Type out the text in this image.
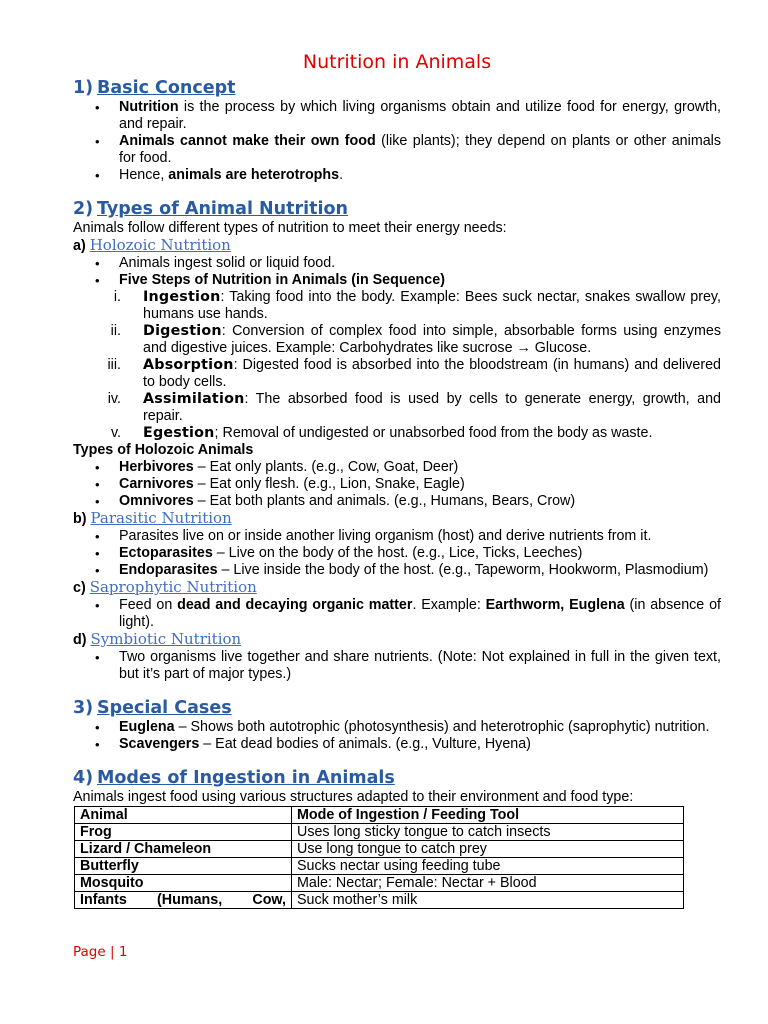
Nutrition in Animals
1) Basic Concept
• Nutrition is the process by which living organisms obtain and utilize food for energy, growth, and repair.
• Animals cannot make their own food (like plants); they depend on plants or other animals for food.
• Hence, animals are heterotrophs.
2) Types of Animal Nutrition

Animals follow different types of nutrition to meet their energy needs:

a) Holozoic Nutrition
• Animals ingest solid or liquid food.
• Five Steps of Nutrition in Animals (in Sequence)
i. Ingestion: Taking food into the body. Example: Bees suck nectar, snakes swallow prey, humans use hands.
ii. Digestion: Conversion of complex food into simple, absorbable forms using enzymes and digestive juices. Example: Carbohydrates like sucrose → Glucose.
iii. Absorption: Digested food is absorbed into the bloodstream (in humans) and delivered to body cells.
iv. Assimilation: The absorbed food is used by cells to generate energy, growth, and repair.
v. Egestion; Removal of undigested or unabsorbed food from the body as waste.
Types of Holozoic Animals
• Herbivores – Eat only plants. (e.g., Cow, Goat, Deer)
• Carnivores – Eat only flesh. (e.g., Lion, Snake, Eagle)
• Omnivores – Eat both plants and animals. (e.g., Humans, Bears, Crow)
b) Parasitic Nutrition
• Parasites live on or inside another living organism (host) and derive nutrients from it.
• Ectoparasites – Live on the body of the host. (e.g., Lice, Ticks, Leeches)
• Endoparasites – Live inside the body of the host. (e.g., Tapeworm, Hookworm, Plasmodium)
c) Saprophytic Nutrition
• Feed on dead and decaying organic matter. Example: Earthworm, Euglena (in absence of light).
d) Symbiotic Nutrition
• Two organisms live together and share nutrients. (Note: Not explained in full in the given text, but it’s part of major types.)
3) Special Cases
• Euglena – Shows both autotrophic (photosynthesis) and heterotrophic (saprophytic) nutrition.
• Scavengers – Eat dead bodies of animals. (e.g., Vulture, Hyena)
4) Modes of Ingestion in Animals

Animals ingest food using various structures adapted to their environment and food type:

Animal	Mode of Ingestion / Feeding Tool
Frog	Uses long sticky tongue to catch insects
Lizard / Chameleon	Use long tongue to catch prey
Butterfly	Sucks nectar using feeding tube
Mosquito	Male: Nectar; Female: Nectar + Blood
Infants (Humans, Cow,	Suck mother’s milk
Page | 1
